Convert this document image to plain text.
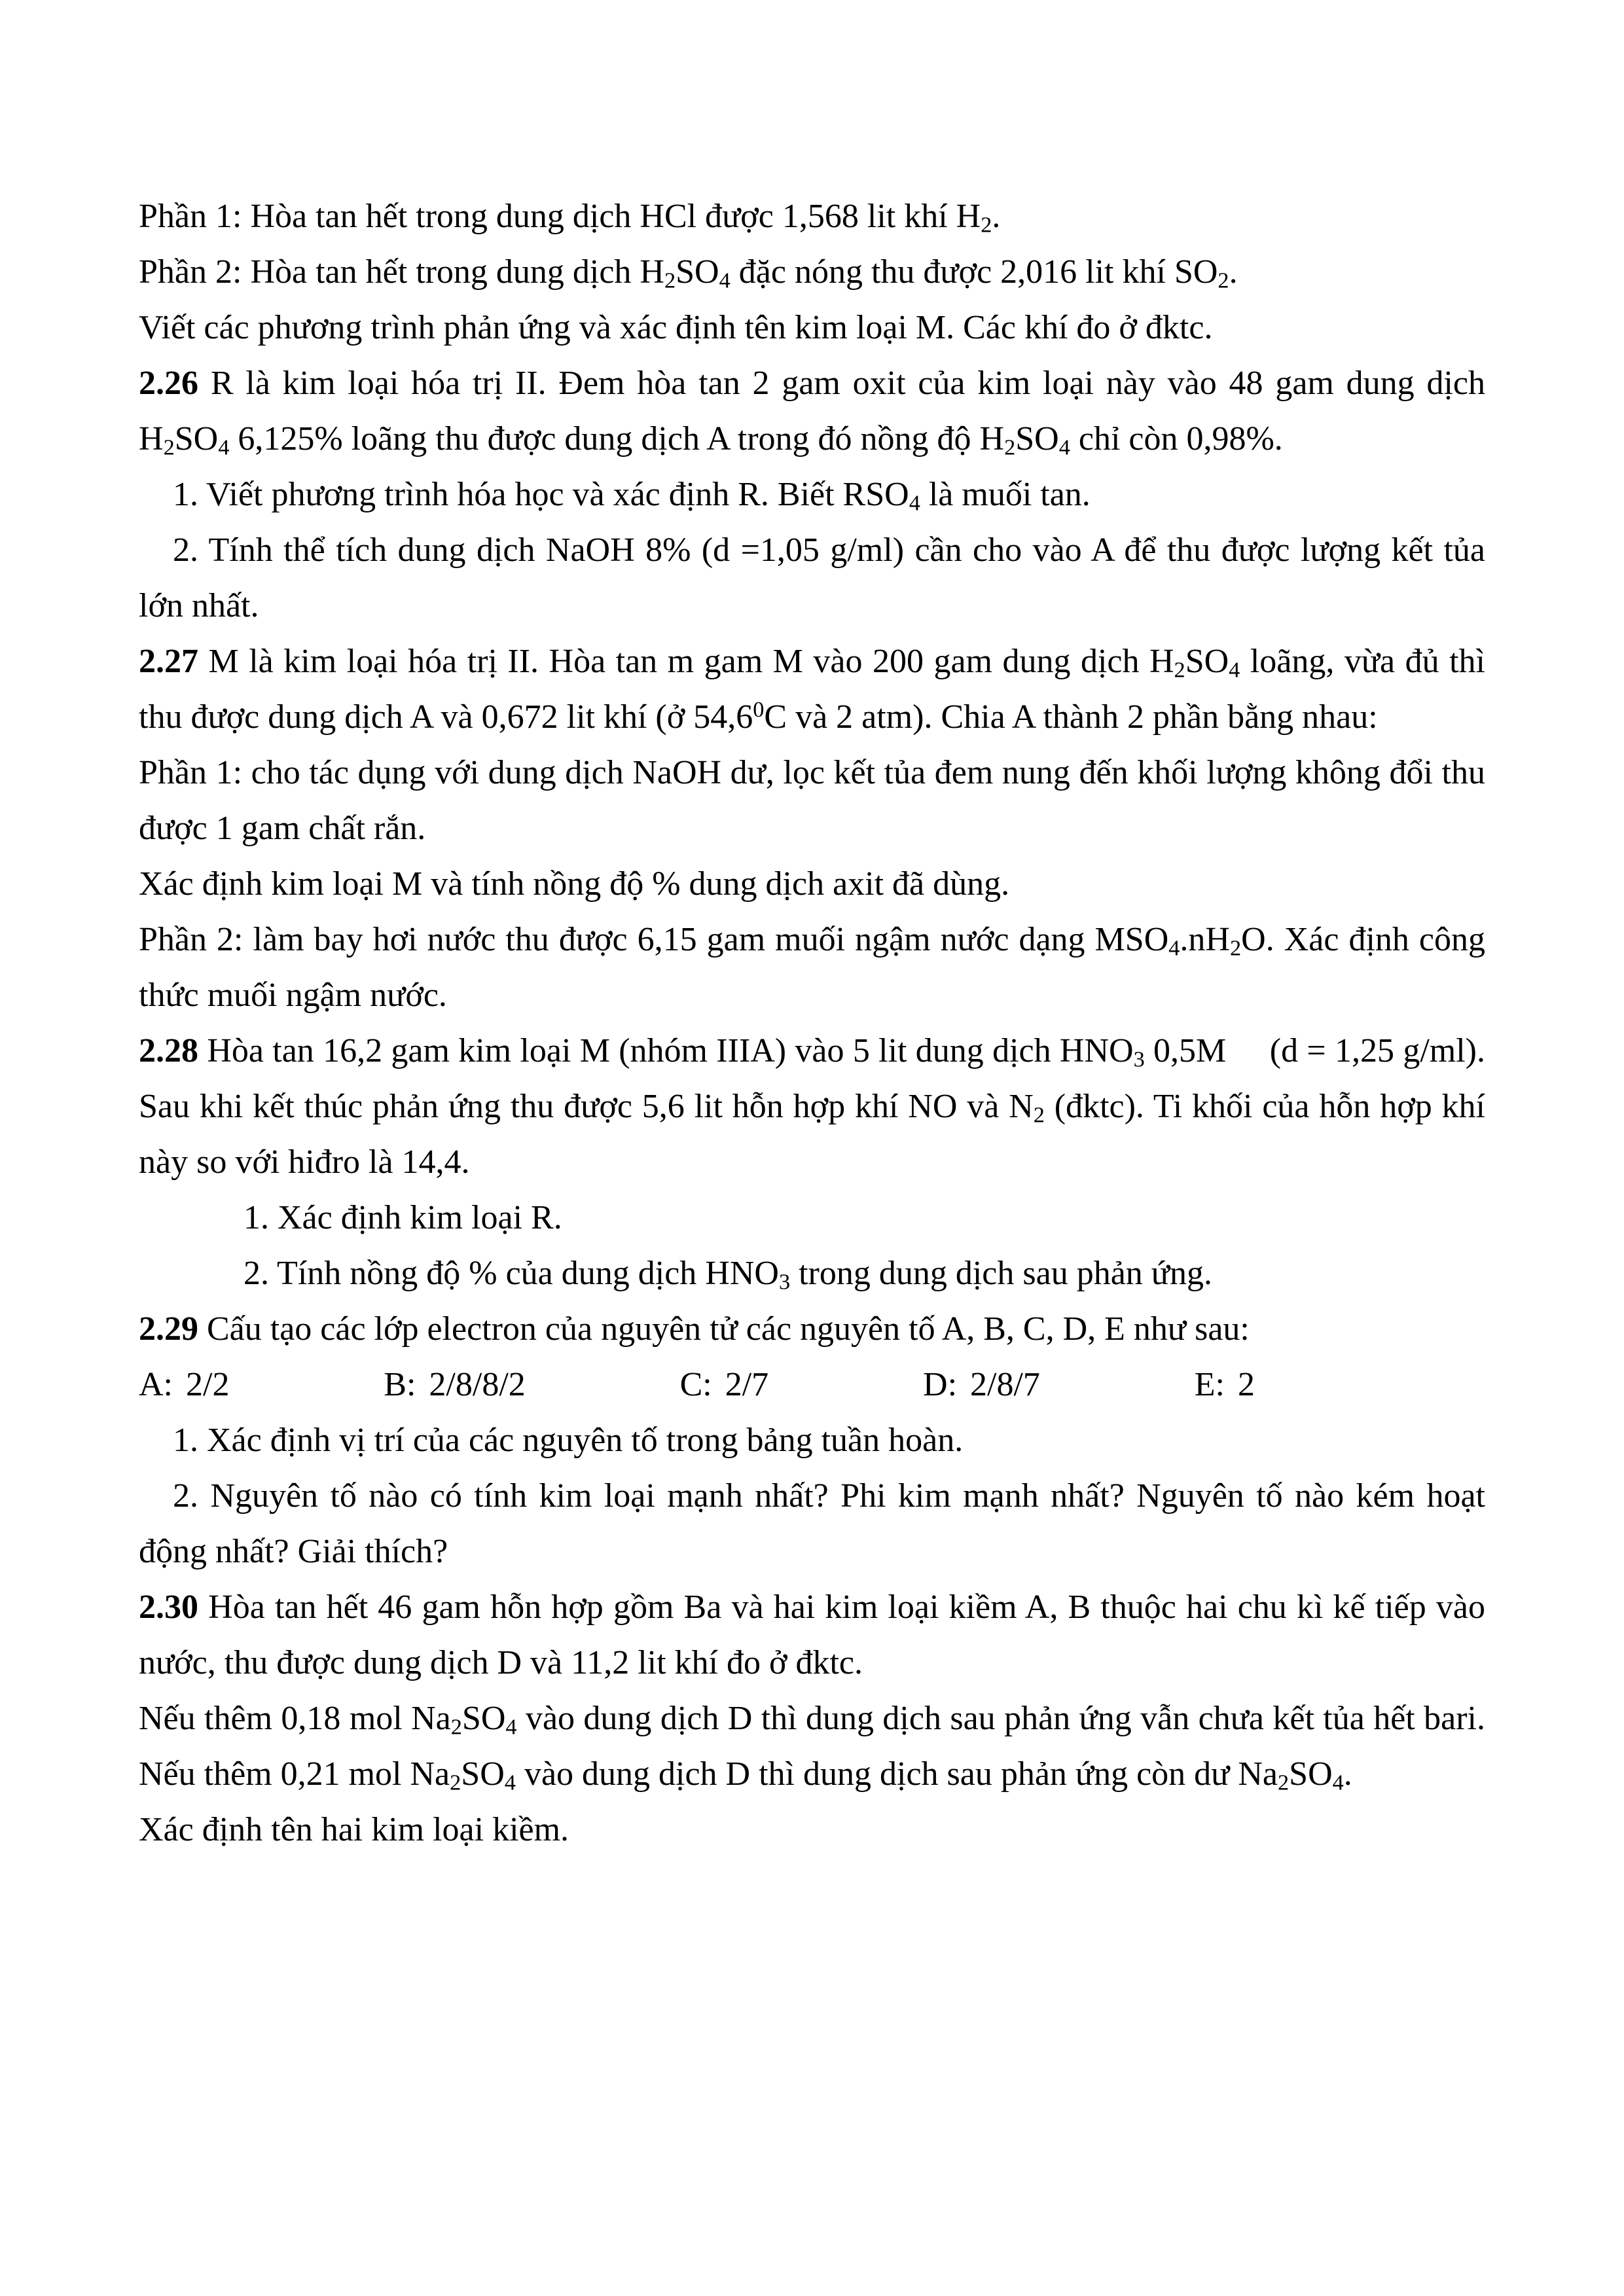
Phần 1: Hòa tan hết trong dung dịch HCl được 1,568 lit khí $H_2$.

Phần 2: Hòa tan hết trong dung dịch $H_2SO_4$ đặc nóng thu được 2,016 lit khí $SO_2$.

Viết các phương trình phản ứng và xác định tên kim loại M. Các khí đo ở đktc.

2.26 R là kim loại hóa trị II. Đem hòa tan 2 gam oxit của kim loại này vào 48 gam dung dịch $H_2SO_4$ 6,125% loãng thu được dung dịch A trong đó nồng độ $H_2SO_4$ chỉ còn 0,98%.

1. Viết phương trình hóa học và xác định R. Biết $RSO_4$ là muối tan.

2. Tính thể tích dung dịch NaOH 8% (d =1,05 g/ml) cần cho vào A để thu được lượng kết tủa lớn nhất.

2.27 M là kim loại hóa trị II. Hòa tan m gam M vào 200 gam dung dịch $H_2SO_4$ loãng, vừa đủ thì thu được dung dịch A và 0,672 lit khí (ở 54,6$^0$C và 2 atm). Chia A thành 2 phần bằng nhau:

Phần 1: cho tác dụng với dung dịch NaOH dư, lọc kết tủa đem nung đến khối lượng không đổi thu được 1 gam chất rắn.

Xác định kim loại M và tính nồng độ % dung dịch axit đã dùng.

Phần 2: làm bay hơi nước thu được 6,15 gam muối ngậm nước dạng $MSO_4.nH_2O$. Xác định công thức muối ngậm nước.

2.28 Hòa tan 16,2 gam kim loại M (nhóm IIIA) vào 5 lit dung dịch $HNO_3$ 0,5M     (d = 1,25 g/ml). Sau khi kết thúc phản ứng thu được 5,6 lit hỗn hợp khí NO và $N_2$ (đktc). Ti khối của hỗn hợp khí này so với hiđro là 14,4.

1. Xác định kim loại R.

2. Tính nồng độ % của dung dịch $HNO_3$ trong dung dịch sau phản ứng.

2.29 Cấu tạo các lớp electron của nguyên tử các nguyên tố A, B, C, D, E như sau:

A: 2/2	B: 2/8/8/2	C: 2/7	D: 2/8/7	E: 2

1. Xác định vị trí của các nguyên tố trong bảng tuần hoàn.

2. Nguyên tố nào có tính kim loại mạnh nhất? Phi kim mạnh nhất? Nguyên tố nào kém hoạt động nhất? Giải thích?

2.30 Hòa tan hết 46 gam hỗn hợp gồm Ba và hai kim loại kiềm A, B thuộc hai chu kì kế tiếp vào nước, thu được dung dịch D và 11,2 lit khí đo ở đktc.

Nếu thêm 0,18 mol $Na_2SO_4$ vào dung dịch D thì dung dịch sau phản ứng vẫn chưa kết tủa hết bari. Nếu thêm 0,21 mol $Na_2SO_4$ vào dung dịch D thì dung dịch sau phản ứng còn dư $Na_2SO_4$.

Xác định tên hai kim loại kiềm.
